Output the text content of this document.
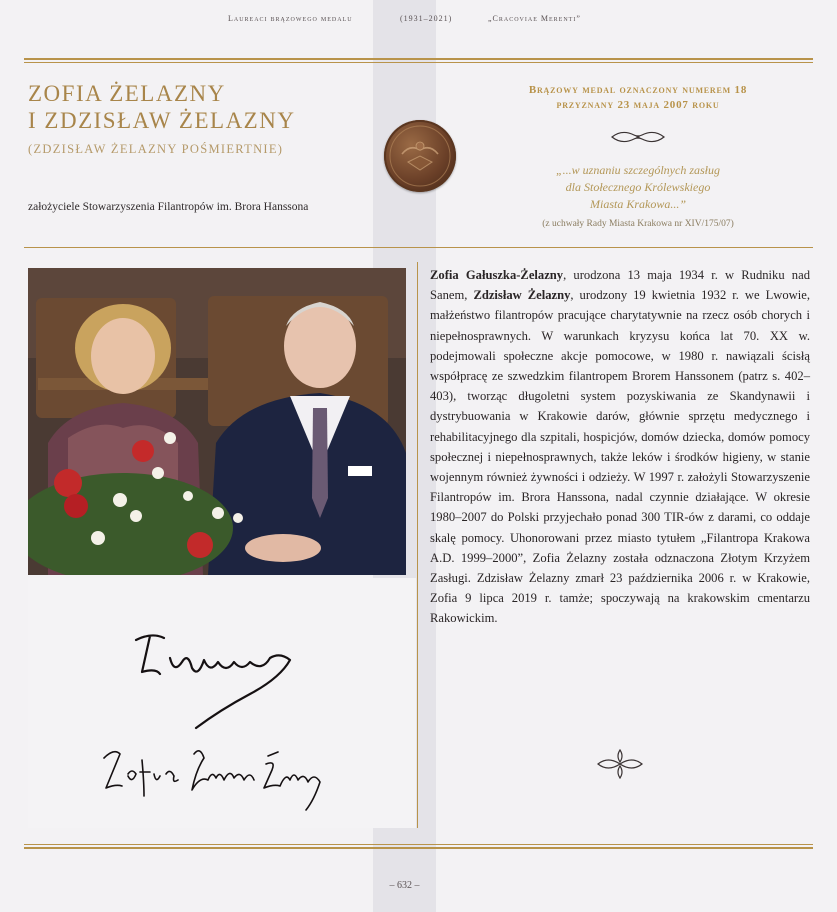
Laureaci brązowego medalu	(1931–2021)	„Cracoviae Merenti”
ZOFIA ŻELAZNY
I ZDZISŁAW ŻELAZNY
(ZDZISŁAW ŻELAZNY POŚMIERTNIE)
założyciele Stowarzyszenia Filantropów im. Brora Hanssona
Brązowy medal oznaczony numerem 18
przyznany 23 maja 2007 roku
„...w uznaniu szczególnych zasług
dla Stołecznego Królewskiego
Miasta Krakowa...”
(z uchwały Rady Miasta Krakowa nr XIV/175/07)
Zofia Gałuszka-Żelazny, urodzona 13 maja 1934 r. w Rudniku nad Sanem, Zdzisław Żelazny, urodzony 19 kwietnia 1932 r. we Lwowie, małżeństwo filantropów pracujące charytatywnie na rzecz osób chorych i niepełnosprawnych. W warunkach kryzysu końca lat 70. XX w. podejmowali społeczne akcje pomocowe, w 1980 r. nawiązali ścisłą współpracę ze szwedzkim filantropem Brorem Hanssonem (patrz s. 402–403), tworząc długoletni system pozyskiwania ze Skandynawii i dystrybuowania w Krakowie darów, głównie sprzętu medycznego i rehabilitacyjnego dla szpitali, hospicjów, domów dziecka, domów pomocy społecznej i niepełnosprawnych, także leków i środków higieny, w stanie wojennym również żywności i odzieży. W 1997 r. założyli Stowarzyszenie Filantropów im. Brora Hanssona, nadal czynnie działające. W okresie 1980–2007 do Polski przyjechało ponad 300 TIR-ów z darami, co oddaje skalę pomocy. Uhonorowani przez miasto tytułem „Filantropa Krakowa A.D. 1999–2000”, Zofia Żelazny została odznaczona Złotym Krzyżem Zasługi. Zdzisław Żelazny zmarł 23 października 2006 r. w Krakowie, Zofia 9 lipca 2019 r. tamże; spoczywają na krakowskim cmentarzu Rakowickim.
– 632 –
